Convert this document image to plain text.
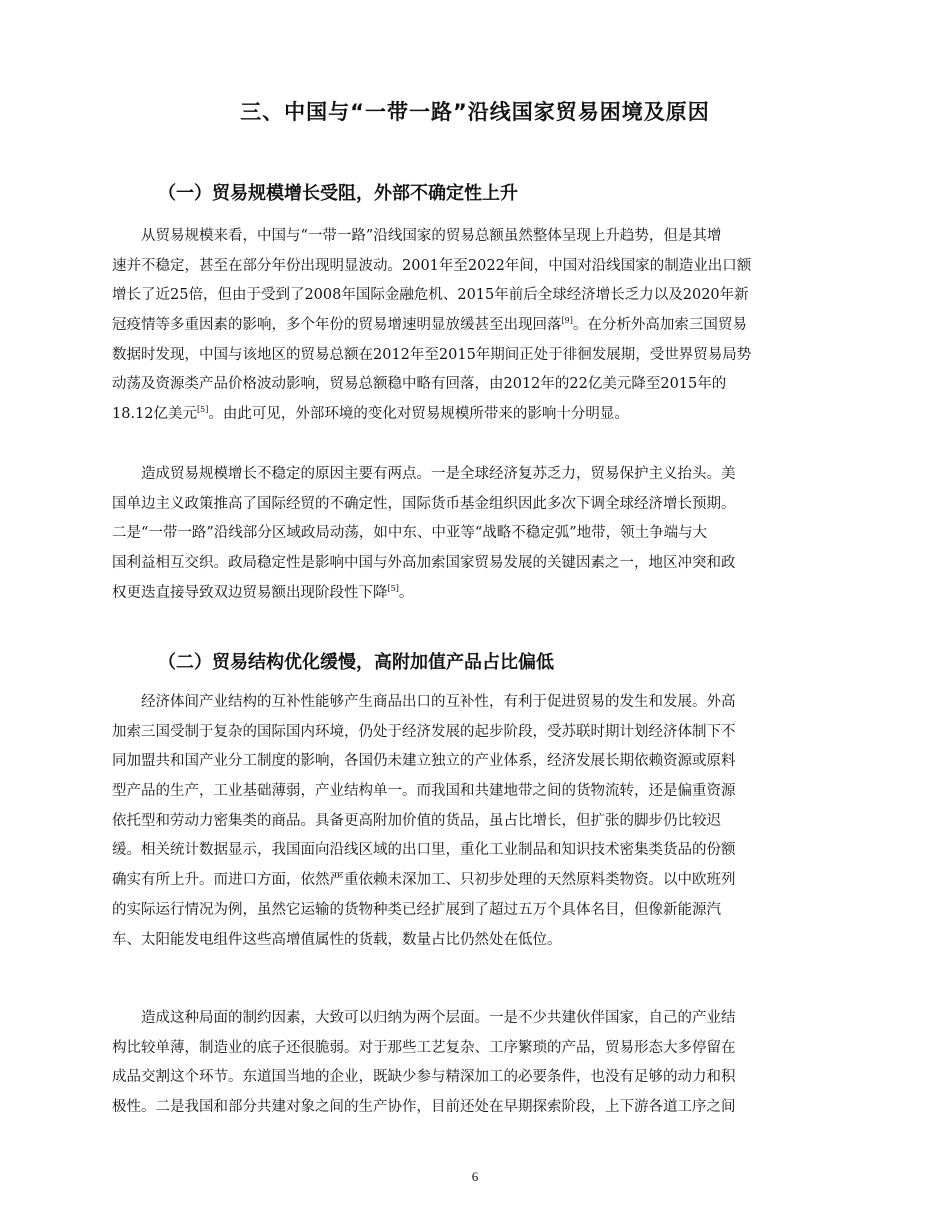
三、中国与“一带一路”沿线国家贸易困境及原因
（一）贸易规模增长受阻，外部不确定性上升
　　从贸易规模来看，中国与“一带一路”沿线国家的贸易总额虽然整体呈现上升趋势，但是其增
速并不稳定，甚至在部分年份出现明显波动。2001年至2022年间，中国对沿线国家的制造业出口额
增长了近25倍，但由于受到了2008年国际金融危机、2015年前后全球经济增长乏力以及2020年新
冠疫情等多重因素的影响，多个年份的贸易增速明显放缓甚至出现回落[9]。在分析外高加索三国贸易
数据时发现，中国与该地区的贸易总额在2012年至2015年期间正处于徘徊发展期，受世界贸易局势
动荡及资源类产品价格波动影响，贸易总额稳中略有回落，由2012年的22亿美元降至2015年的
18.12亿美元[5]。由此可见，外部环境的变化对贸易规模所带来的影响十分明显。
　　造成贸易规模增长不稳定的原因主要有两点。一是全球经济复苏乏力，贸易保护主义抬头。美
国单边主义政策推高了国际经贸的不确定性，国际货币基金组织因此多次下调全球经济增长预期。
二是“一带一路”沿线部分区域政局动荡，如中东、中亚等“战略不稳定弧”地带，领土争端与大
国利益相互交织。政局稳定性是影响中国与外高加索国家贸易发展的关键因素之一，地区冲突和政
权更迭直接导致双边贸易额出现阶段性下降[5]。
（二）贸易结构优化缓慢，高附加值产品占比偏低
　　经济体间产业结构的互补性能够产生商品出口的互补性，有利于促进贸易的发生和发展。外高
加索三国受制于复杂的国际国内环境，仍处于经济发展的起步阶段，受苏联时期计划经济体制下不
同加盟共和国产业分工制度的影响，各国仍未建立独立的产业体系，经济发展长期依赖资源或原料
型产品的生产，工业基础薄弱，产业结构单一。而我国和共建地带之间的货物流转，还是偏重资源
依托型和劳动力密集类的商品。具备更高附加价值的货品，虽占比增长，但扩张的脚步仍比较迟
缓。相关统计数据显示，我国面向沿线区域的出口里，重化工业制品和知识技术密集类货品的份额
确实有所上升。而进口方面，依然严重依赖未深加工、只初步处理的天然原料类物资。以中欧班列
的实际运行情况为例，虽然它运输的货物种类已经扩展到了超过五万个具体名目，但像新能源汽
车、太阳能发电组件这些高增值属性的货载，数量占比仍然处在低位。
　　造成这种局面的制约因素，大致可以归纳为两个层面。一是不少共建伙伴国家，自己的产业结
构比较单薄，制造业的底子还很脆弱。对于那些工艺复杂、工序繁琐的产品，贸易形态大多停留在
成品交割这个环节。东道国当地的企业，既缺少参与精深加工的必要条件，也没有足够的动力和积
极性。二是我国和部分共建对象之间的生产协作，目前还处在早期探索阶段，上下游各道工序之间
6
